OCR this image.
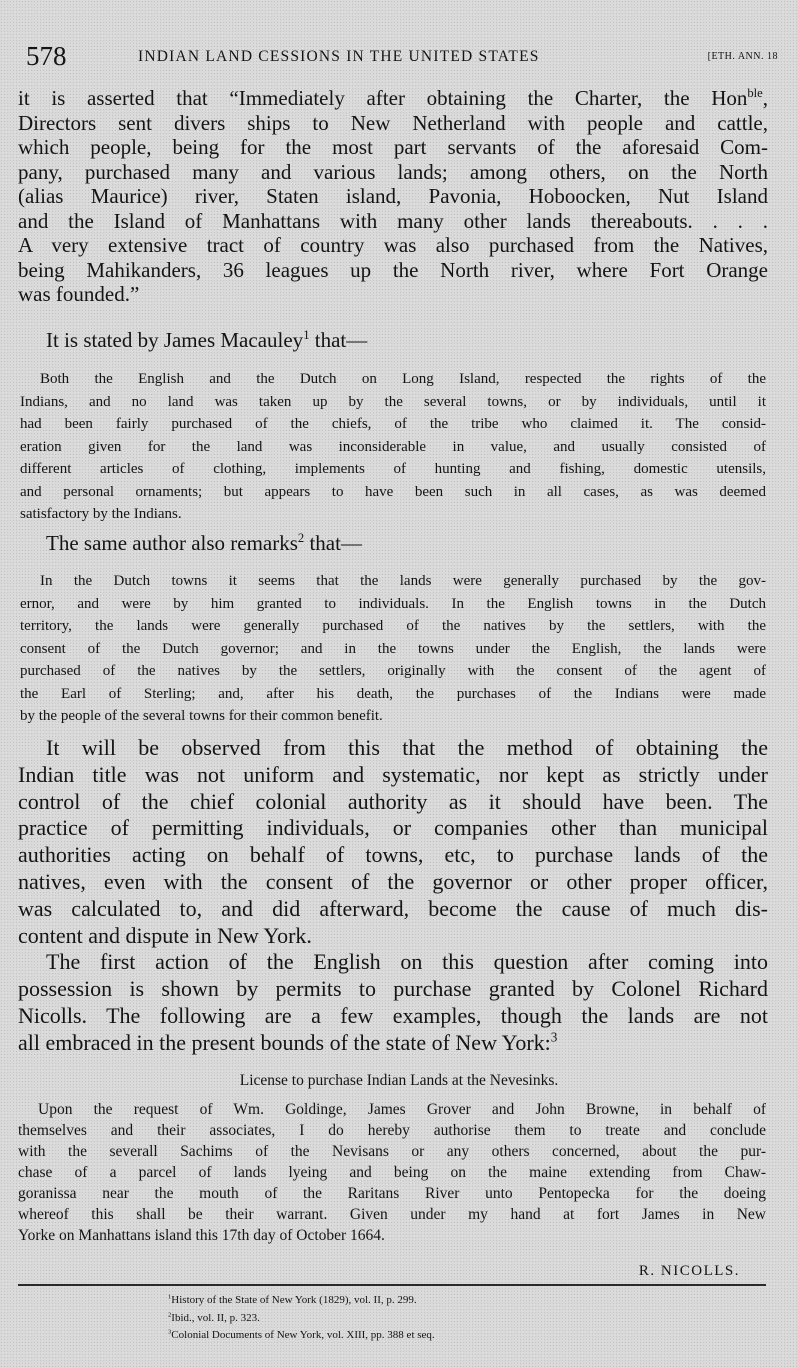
578	INDIAN LAND CESSIONS IN THE UNITED STATES	[ETH. ANN. 18
it is asserted that “Immediately after obtaining the Charter, the Hon$^{ble}$,
Directors sent divers ships to New Netherland with people and cattle,
which people, being for the most part servants of the aforesaid Com-
pany, purchased many and various lands; among others, on the North
(alias Maurice) river, Staten island, Pavonia, Hoboocken, Nut Island
and the Island of Manhattans with many other lands thereabouts. . . .
A very extensive tract of country was also purchased from the Natives,
being Mahikanders, 36 leagues up the North river, where Fort Orange
was founded.”
It is stated by James Macauley$^1$ that—
Both the English and the Dutch on Long Island, respected the rights of the
Indians, and no land was taken up by the several towns, or by individuals, until it
had been fairly purchased of the chiefs, of the tribe who claimed it. The consid-
eration given for the land was inconsiderable in value, and usually consisted of
different articles of clothing, implements of hunting and fishing, domestic utensils,
and personal ornaments; but appears to have been such in all cases, as was deemed
satisfactory by the Indians.
The same author also remarks$^2$ that—
In the Dutch towns it seems that the lands were generally purchased by the gov-
ernor, and were by him granted to individuals. In the English towns in the Dutch
territory, the lands were generally purchased of the natives by the settlers, with the
consent of the Dutch governor; and in the towns under the English, the lands were
purchased of the natives by the settlers, originally with the consent of the agent of
the Earl of Sterling; and, after his death, the purchases of the Indians were made
by the people of the several towns for their common benefit.
It will be observed from this that the method of obtaining the
Indian title was not uniform and systematic, nor kept as strictly under
control of the chief colonial authority as it should have been. The
practice of permitting individuals, or companies other than municipal
authorities acting on behalf of towns, etc, to purchase lands of the
natives, even with the consent of the governor or other proper officer,
was calculated to, and did afterward, become the cause of much dis-
content and dispute in New York.
The first action of the English on this question after coming into
possession is shown by permits to purchase granted by Colonel Richard
Nicolls. The following are a few examples, though the lands are not
all embraced in the present bounds of the state of New York:$^3$
License to purchase Indian Lands at the Nevesinks.
Upon the request of Wm. Goldinge, James Grover and John Browne, in behalf of
themselves and their associates, I do hereby authorise them to treate and conclude
with the severall Sachims of the Nevisans or any others concerned, about the pur-
chase of a parcel of lands lyeing and being on the maine extending from Chaw-
goranissa near the mouth of the Raritans River unto Pentopecka for the doeing
whereof this shall be their warrant. Given under my hand at fort James in New
Yorke on Manhattans island this 17th day of October 1664.
R. NICOLLS.
$^1$History of the State of New York (1829), vol. II, p. 299.
$^2$Ibid., vol. II, p. 323.
$^3$Colonial Documents of New York, vol. XIII, pp. 388 et seq.
